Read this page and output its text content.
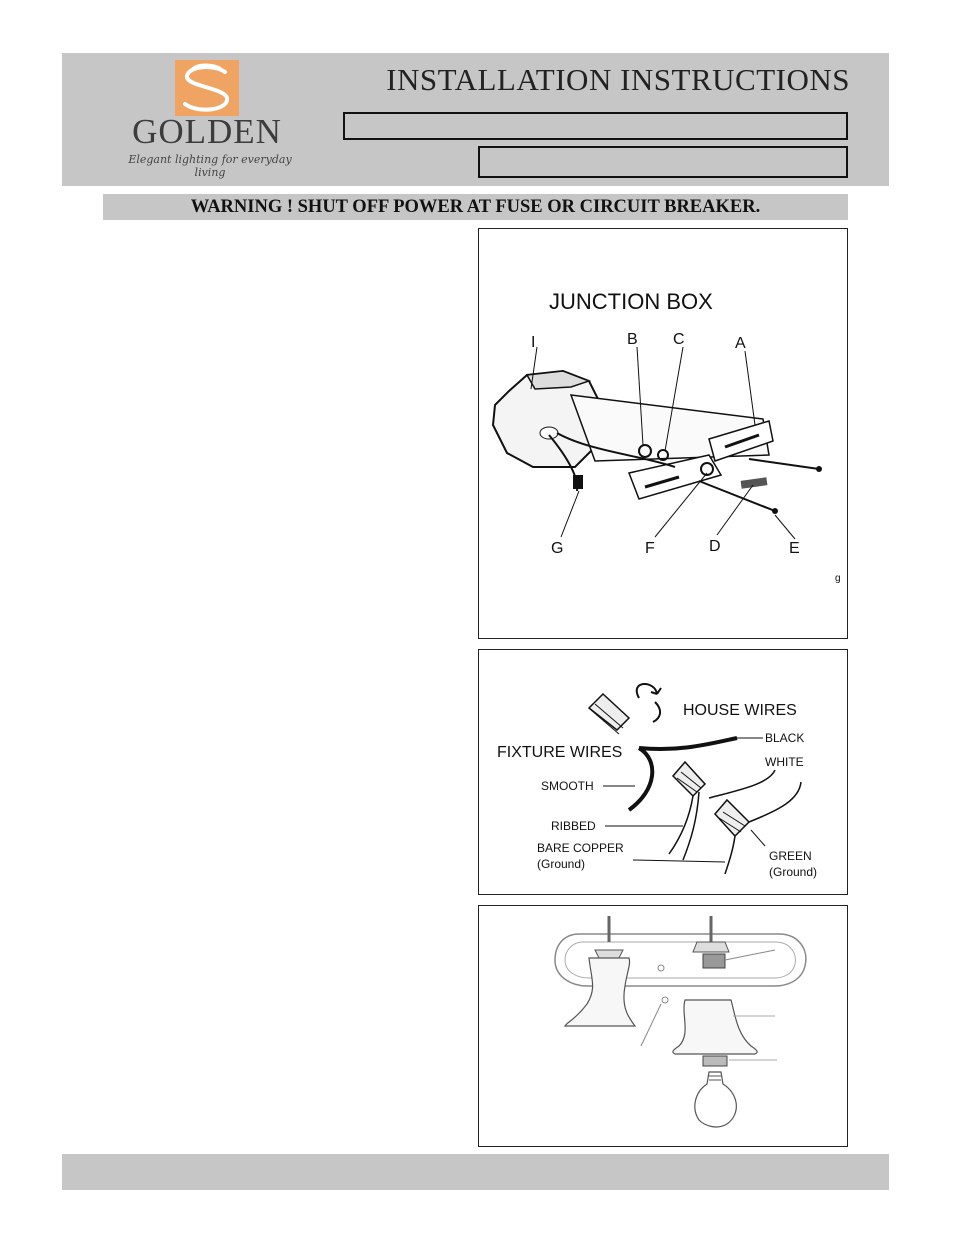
GOLDEN
Elegant lighting for everyday living
INSTALLATION INSTRUCTIONS
WARNING ! SHUT OFF POWER AT FUSE OR CIRCUIT BREAKER.
JUNCTION BOX
I	B C	A
G	F	D	E
g
HOUSE WIRES
FIXTURE WIRES
BLACK
WHITE
SMOOTH
RIBBED
BARE COPPER
(Ground)
GREEN
(Ground)
